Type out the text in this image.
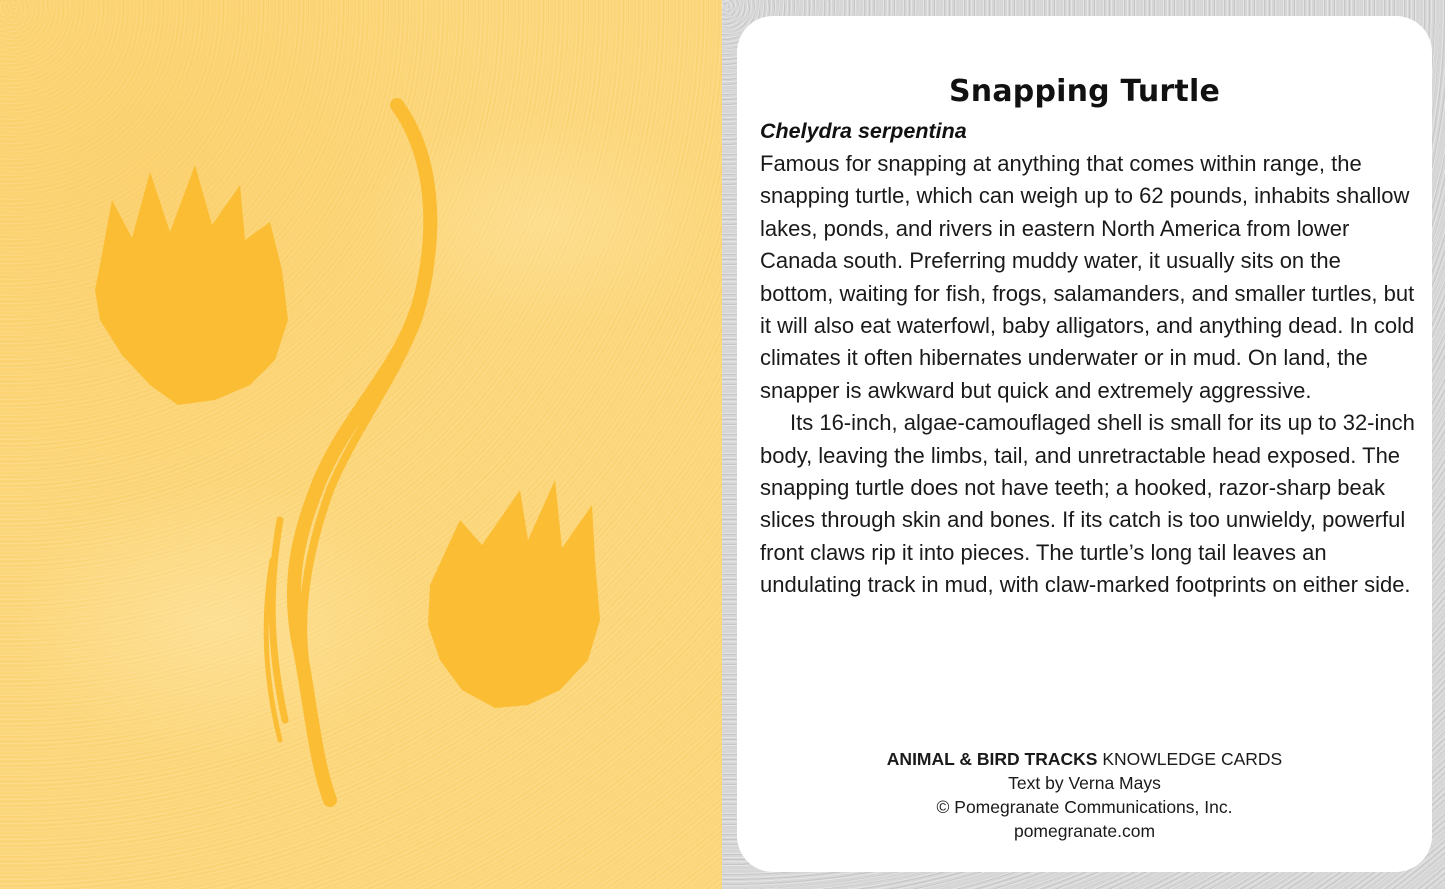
Snapping Turtle
Chelydra serpentina

Famous for snapping at anything that comes within range, the snapping turtle, which can weigh up to 62 pounds, inhabits shallow lakes, ponds, and rivers in eastern North America from lower Canada south. Preferring muddy water, it usually sits on the bottom, waiting for fish, frogs, salamanders, and smaller turtles, but it will also eat waterfowl, baby alligators, and anything dead. In cold climates it often hibernates underwater or in mud. On land, the snapper is awkward but quick and extremely aggressive.

Its 16-inch, algae-camouflaged shell is small for its up to 32-inch body, leaving the limbs, tail, and unretractable head exposed. The snapping turtle does not have teeth; a hooked, razor-sharp beak slices through skin and bones. If its catch is too unwieldy, powerful front claws rip it into pieces. The turtle’s long tail leaves an undulating track in mud, with claw-marked footprints on either side.

ANIMAL & BIRD TRACKS KNOWLEDGE CARDS
Text by Verna Mays
© Pomegranate Communications, Inc.
pomegranate.com
